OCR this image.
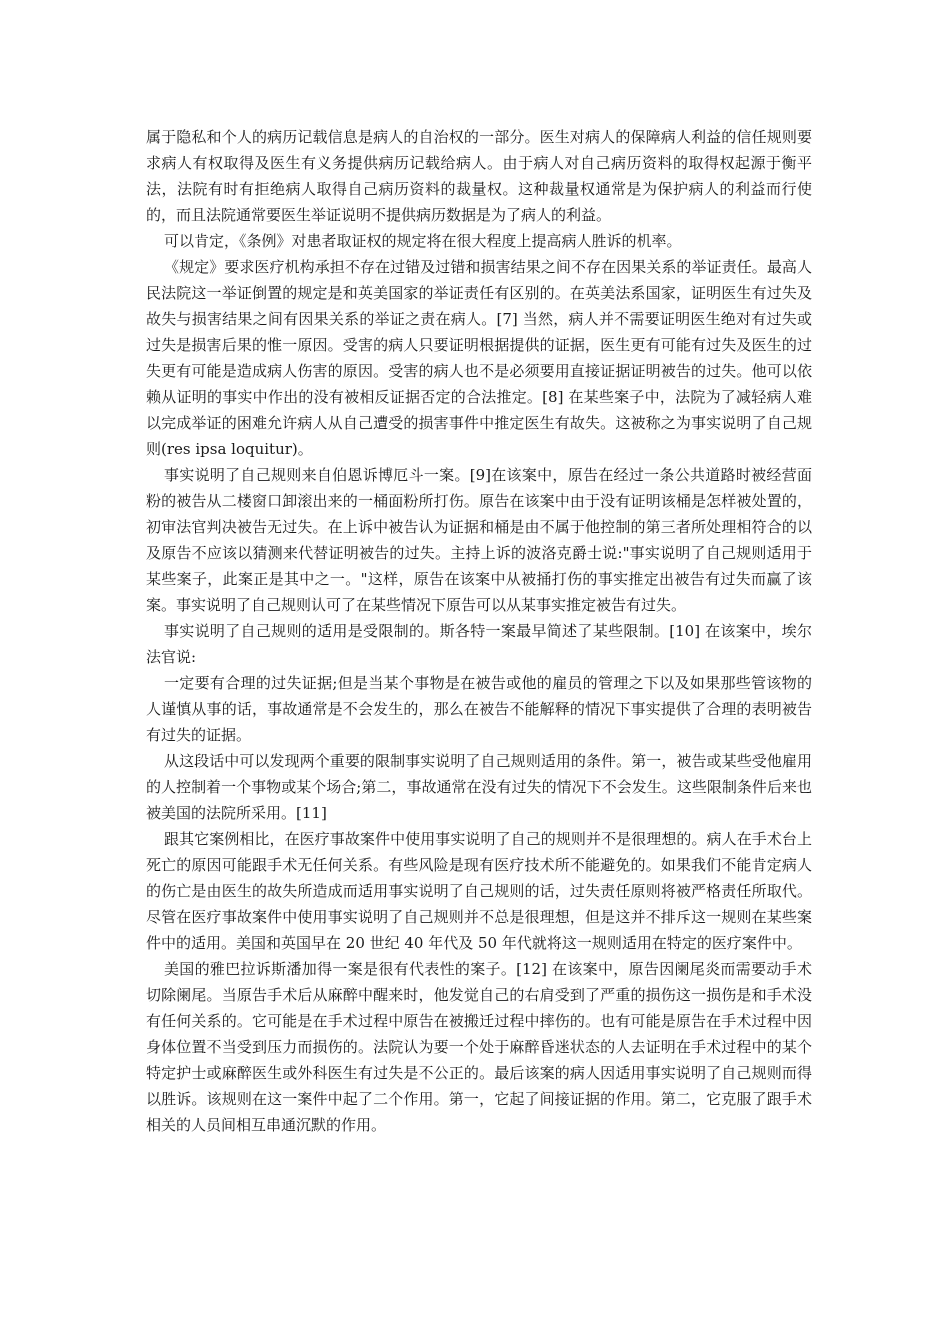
属于隐私和个人的病历记载信息是病人的自治权的一部分。医生对病人的保障病人利益的信任规则要求病人有权取得及医生有义务提供病历记载给病人。由于病人对自己病历资料的取得权起源于衡平法，法院有时有拒绝病人取得自己病历资料的裁量权。这种裁量权通常是为保护病人的利益而行使的，而且法院通常要医生举证说明不提供病历数据是为了病人的利益。

可以肯定，《条例》对患者取证权的规定将在很大程度上提高病人胜诉的机率。

《规定》要求医疗机构承担不存在过错及过错和损害结果之间不存在因果关系的举证责任。最高人民法院这一举证倒置的规定是和英美国家的举证责任有区别的。在英美法系国家，证明医生有过失及故失与损害结果之间有因果关系的举证之责在病人。[7] 当然，病人并不需要证明医生绝对有过失或过失是损害后果的惟一原因。受害的病人只要证明根据提供的证据，医生更有可能有过失及医生的过失更有可能是造成病人伤害的原因。受害的病人也不是必须要用直接证据证明被告的过失。他可以依赖从证明的事实中作出的没有被相反证据否定的合法推定。[8] 在某些案子中，法院为了减轻病人难以完成举证的困难允许病人从自己遭受的损害事件中推定医生有故失。这被称之为事实说明了自己规则(res ipsa loquitur)。

事实说明了自己规则来自伯恩诉博厄斗一案。[9]在该案中，原告在经过一条公共道路时被经营面粉的被告从二楼窗口卸滚出来的一桶面粉所打伤。原告在该案中由于没有证明该桶是怎样被处置的，初审法官判决被告无过失。在上诉中被告认为证据和桶是由不属于他控制的第三者所处理相符合的以及原告不应该以猜测来代替证明被告的过失。主持上诉的波洛克爵士说:"事实说明了自己规则适用于某些案子，此案正是其中之一。"这样，原告在该案中从被捅打伤的事实推定出被告有过失而赢了该案。事实说明了自己规则认可了在某些情况下原告可以从某事实推定被告有过失。

事实说明了自己规则的适用是受限制的。斯各特一案最早简述了某些限制。[10] 在该案中，埃尔法官说:

一定要有合理的过失证据;但是当某个事物是在被告或他的雇员的管理之下以及如果那些管该物的人谨慎从事的话，事故通常是不会发生的，那么在被告不能解释的情况下事实提供了合理的表明被告有过失的证据。

从这段话中可以发现两个重要的限制事实说明了自己规则适用的条件。第一，被告或某些受他雇用的人控制着一个事物或某个场合;第二，事故通常在没有过失的情况下不会发生。这些限制条件后来也被美国的法院所采用。[11]

跟其它案例相比，在医疗事故案件中使用事实说明了自己的规则并不是很理想的。病人在手术台上死亡的原因可能跟手术无任何关系。有些风险是现有医疗技术所不能避免的。如果我们不能肯定病人的伤亡是由医生的故失所造成而适用事实说明了自己规则的话，过失责任原则将被严格责任所取代。尽管在医疗事故案件中使用事实说明了自己规则并不总是很理想，但是这并不排斥这一规则在某些案件中的适用。美国和英国早在 20 世纪 40 年代及 50 年代就将这一规则适用在特定的医疗案件中。

美国的雅巴拉诉斯潘加得一案是很有代表性的案子。[12] 在该案中，原告因阑尾炎而需要动手术切除阑尾。当原告手术后从麻醉中醒来时，他发觉自己的右肩受到了严重的损伤这一损伤是和手术没有任何关系的。它可能是在手术过程中原告在被搬迁过程中摔伤的。也有可能是原告在手术过程中因身体位置不当受到压力而损伤的。法院认为要一个处于麻醉昏迷状态的人去证明在手术过程中的某个特定护士或麻醉医生或外科医生有过失是不公正的。最后该案的病人因适用事实说明了自己规则而得以胜诉。该规则在这一案件中起了二个作用。第一，它起了间接证据的作用。第二，它克服了跟手术相关的人员间相互串通沉默的作用。
